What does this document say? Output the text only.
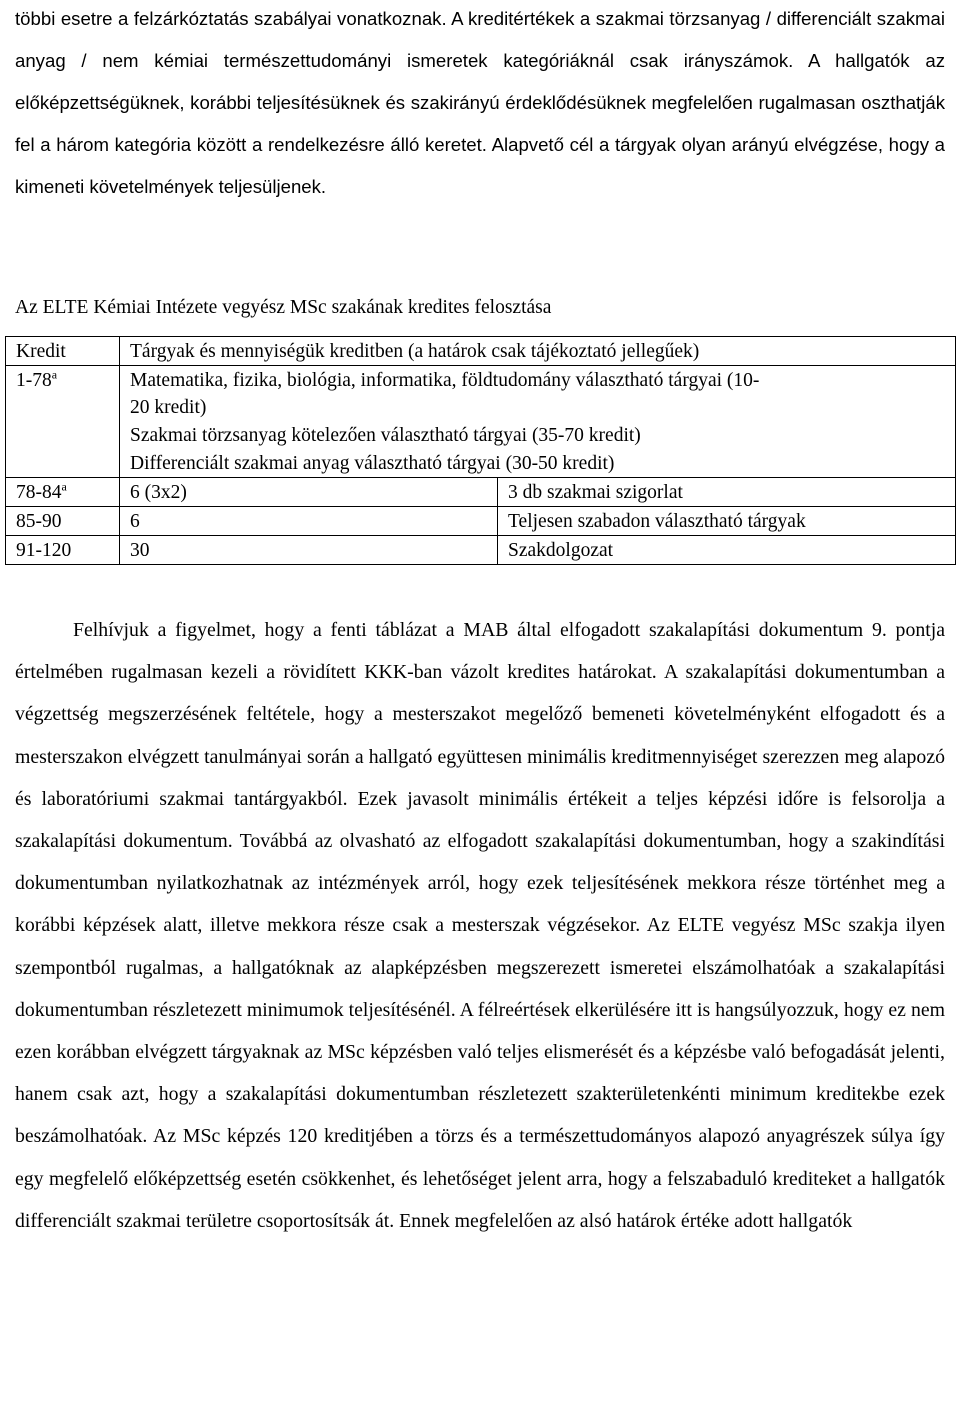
többi esetre a felzárkóztatás szabályai vonatkoznak. A kreditértékek a szakmai törzsanyag / differenciált szakmai anyag / nem kémiai természettudományi ismeretek kategóriáknál csak irányszámok. A hallgatók az előképzettségüknek, korábbi teljesítésüknek és szakirányú érdeklődésüknek megfelelően rugalmasan oszthatják fel a három kategória között a rendelkezésre álló keretet. Alapvető cél a tárgyak olyan arányú elvégzése, hogy a kimeneti követelmények teljesüljenek.

Az ELTE Kémiai Intézete vegyész MSc szakának kredites felosztása

Kredit	Tárgyak és mennyiségük kreditben (a határok csak tájékoztató jellegűek)	
1-78$^a$	Matematika, fizika, biológia, informatika, földtudomány választható tárgyai (10-
20 kredit)	
	Szakmai törzsanyag kötelezően választható tárgyai (35-70 kredit)	
	Differenciált szakmai anyag választható tárgyai (30-50 kredit)	
78-84$^a$	6 (3x2)	3 db szakmai szigorlat
85-90	6	Teljesen szabadon választható tárgyak
91-120	30	Szakdolgozat

Felhívjuk a figyelmet, hogy a fenti táblázat a MAB által elfogadott szakalapítási dokumentum 9. pontja értelmében rugalmasan kezeli a rövidített KKK-ban vázolt kredites határokat. A szakalapítási dokumentumban a végzettség megszerzésének feltétele, hogy a mesterszakot megelőző bemeneti követelményként elfogadott és a mesterszakon elvégzett tanulmányai során a hallgató együttesen minimális kreditmennyiséget szerezzen meg alapozó és laboratóriumi szakmai tantárgyakból. Ezek javasolt minimális értékeit a teljes képzési időre is felsorolja a szakalapítási dokumentum. Továbbá az olvasható az elfogadott szakalapítási dokumentumban, hogy a szakindítási dokumentumban nyilatkozhatnak az intézmények arról, hogy ezek teljesítésének mekkora része történhet meg a korábbi képzések alatt, illetve mekkora része csak a mesterszak végzésekor. Az ELTE vegyész MSc szakja ilyen szempontból rugalmas, a hallgatóknak az alapképzésben megszerezett ismeretei elszámolhatóak a szakalapítási dokumentumban részletezett minimumok teljesítésénél. A félreértések elkerülésére itt is hangsúlyozzuk, hogy ez nem ezen korábban elvégzett tárgyaknak az MSc képzésben való teljes elismerését és a képzésbe való befogadását jelenti, hanem csak azt, hogy a szakalapítási dokumentumban részletezett szakterületenkénti minimum kreditekbe ezek beszámolhatóak. Az MSc képzés 120 kreditjében a törzs és a természettudományos alapozó anyagrészek súlya így egy megfelelő előképzettség esetén csökkenhet, és lehetőséget jelent arra, hogy a felszabaduló krediteket a hallgatók differenciált szakmai területre csoportosítsák át. Ennek megfelelően az alsó határok értéke adott hallgatók
